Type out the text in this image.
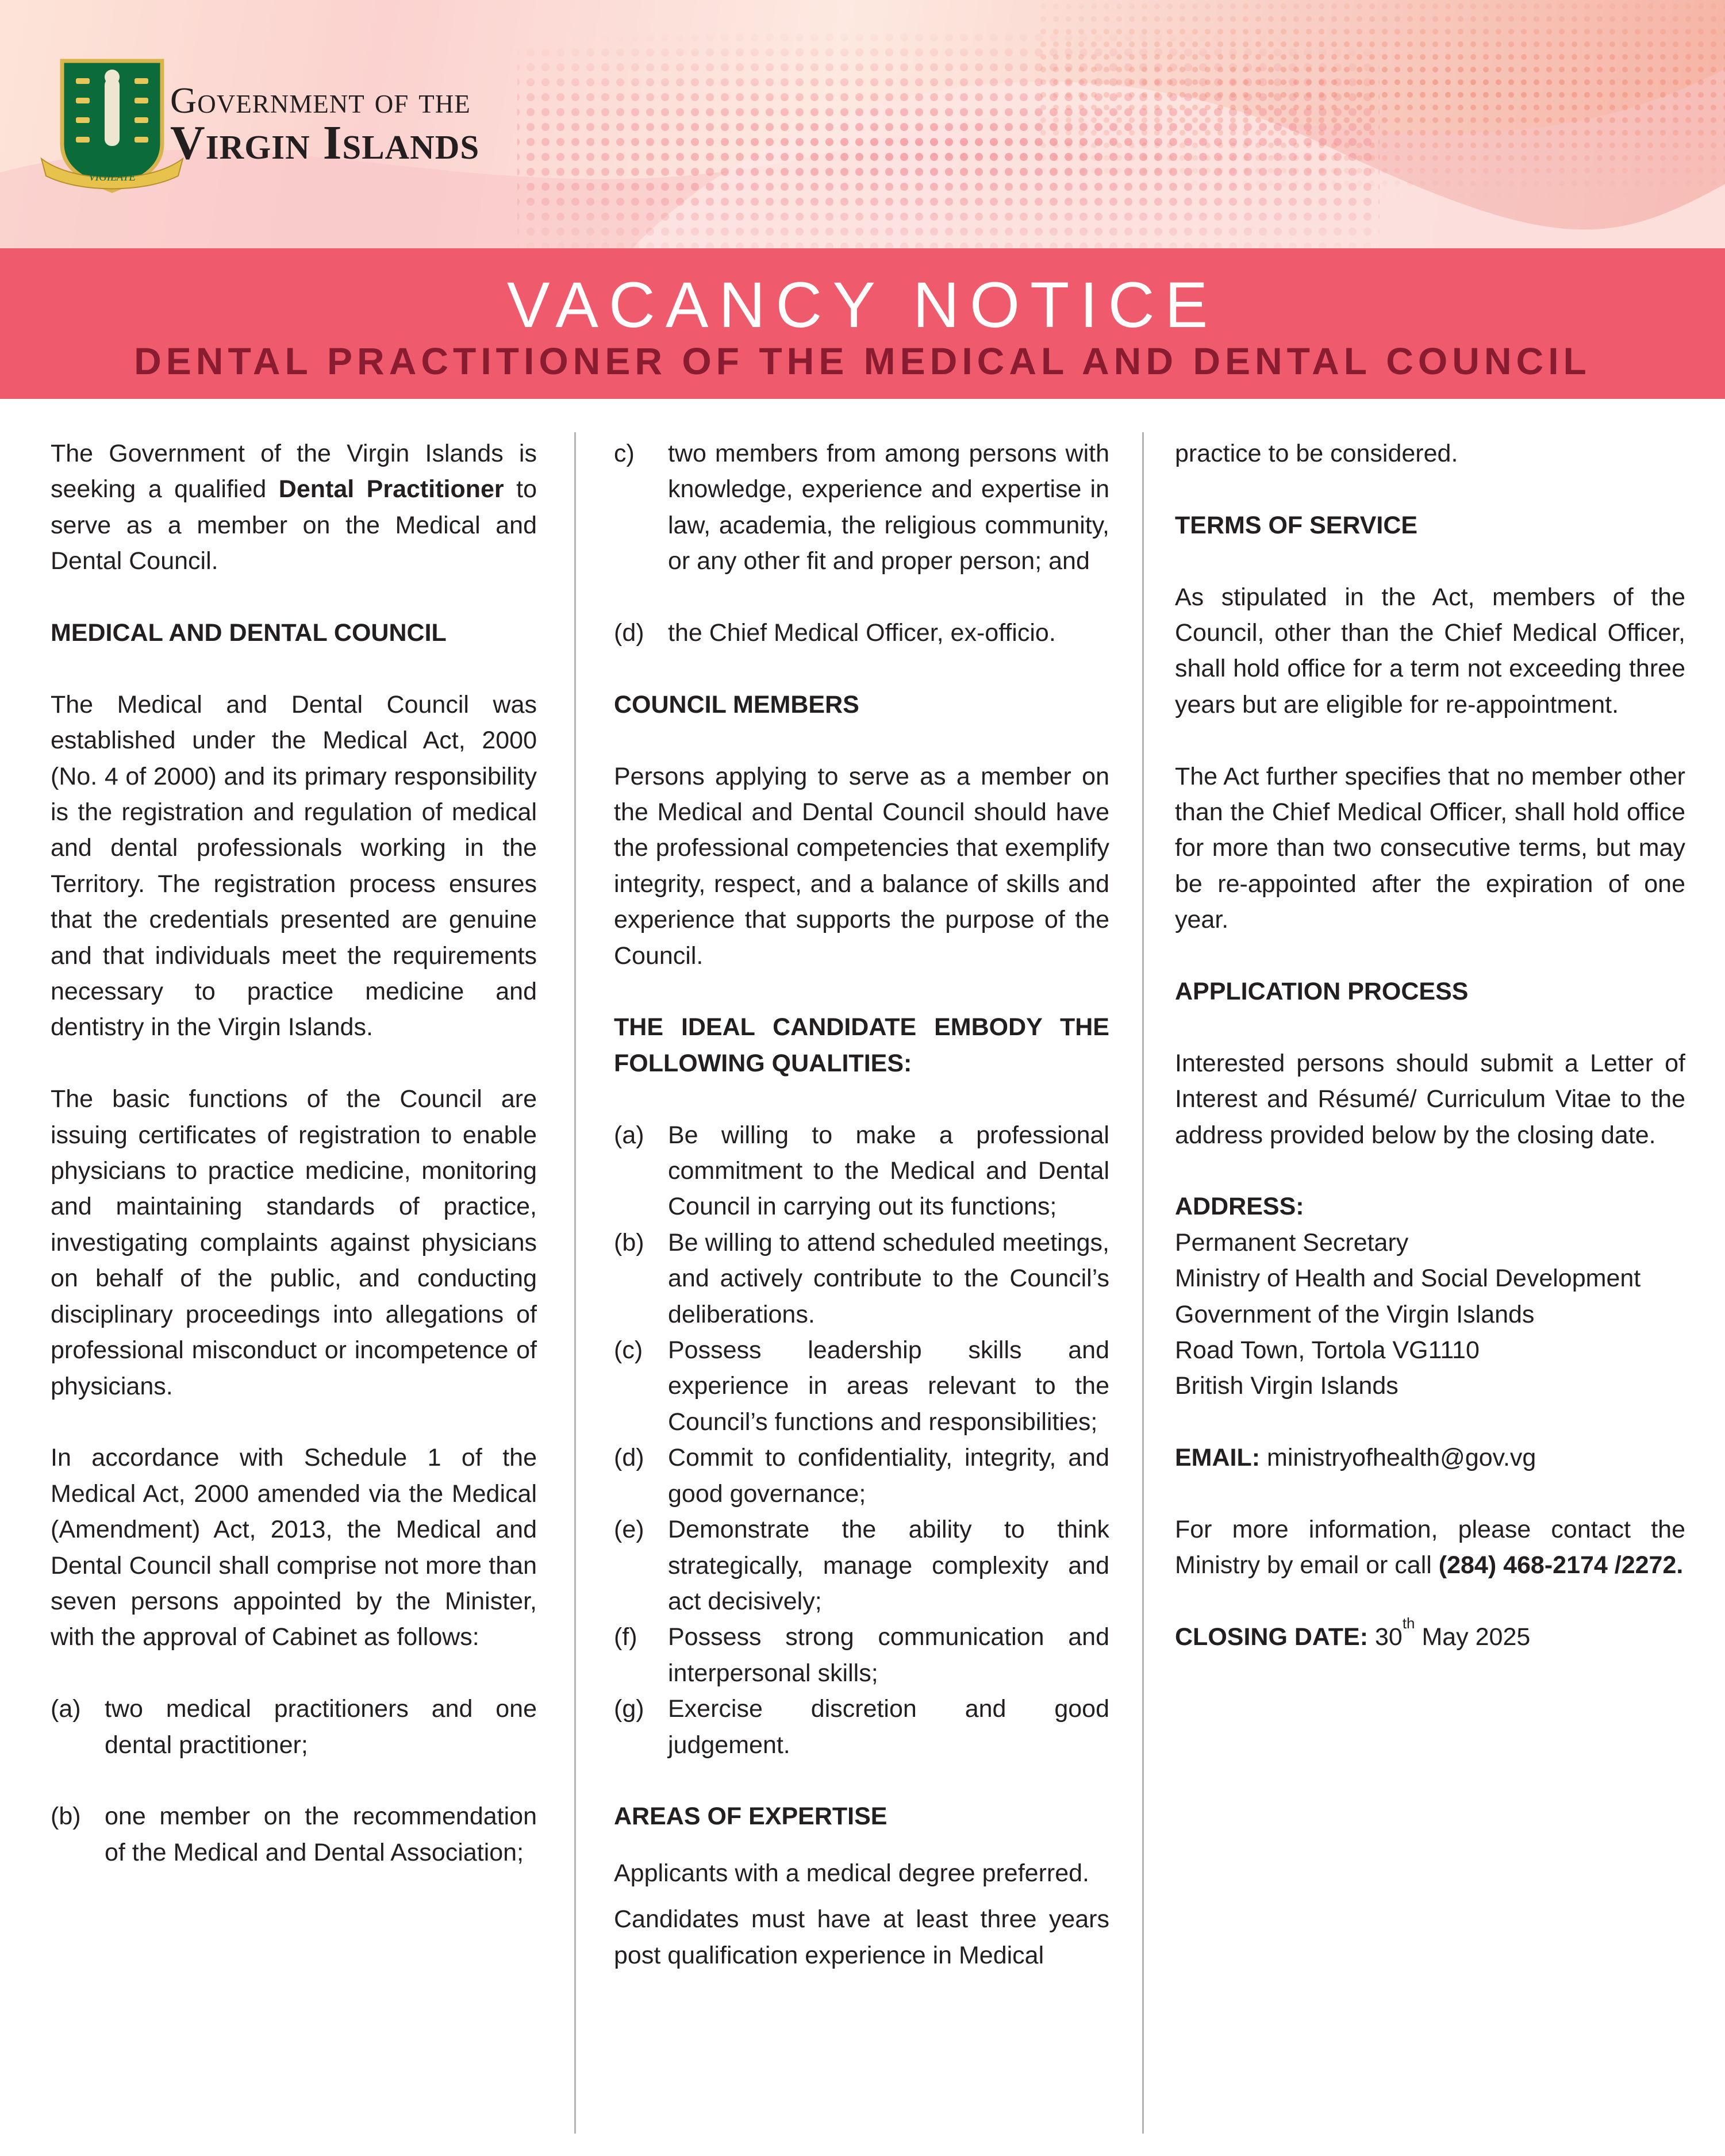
VIGILATE
Government of the
Virgin Islands
VACANCY NOTICE
DENTAL PRACTITIONER OF THE MEDICAL AND DENTAL COUNCIL

The Government of the Virgin Islands is seeking a qualified Dental Practitioner to serve as a member on the Medical and Dental Council.

MEDICAL AND DENTAL COUNCIL

The Medical and Dental Council was established under the Medical Act, 2000 (No. 4 of 2000) and its primary responsibility is the registration and regulation of medical and dental professionals working in the Territory. The registration process ensures that the credentials presented are genuine and that individuals meet the requirements necessary to practice medicine and dentistry in the Virgin Islands.

The basic functions of the Council are issuing certificates of registration to enable physicians to practice medicine, monitoring and maintaining standards of practice, investigating complaints against physicians on behalf of the public, and conducting disciplinary proceedings into allegations of professional misconduct or incompetence of physicians.

In accordance with Schedule 1 of the Medical Act, 2000 amended via the Medical (Amendment) Act, 2013, the Medical and Dental Council shall comprise not more than seven persons appointed by the Minister, with the approval of Cabinet as follows:

(a) two medical practitioners and one dental practitioner;
(b) one member on the recommendation of the Medical and Dental Association;
c) two members from among persons with knowledge, experience and expertise in law, academia, the religious community, or any other fit and proper person; and
(d) the Chief Medical Officer, ex-officio.

COUNCIL MEMBERS

Persons applying to serve as a member on the Medical and Dental Council should have the professional competencies that exemplify integrity, respect, and a balance of skills and experience that supports the purpose of the Council.

THE IDEAL CANDIDATE EMBODY THE FOLLOWING QUALITIES:

(a) Be willing to make a professional commitment to the Medical and Dental Council in carrying out its functions;
(b) Be willing to attend scheduled meetings, and actively contribute to the Council’s deliberations.
(c) Possess leadership skills and experience in areas relevant to the Council’s functions and responsibilities;
(d) Commit to confidentiality, integrity, and good governance;
(e) Demonstrate the ability to think strategically, manage complexity and act decisively;
(f) Possess strong communication and interpersonal skills;
(g) Exercise discretion and good judgement.

AREAS OF EXPERTISE

Applicants with a medical degree preferred.

Candidates must have at least three years post qualification experience in Medical

practice to be considered.

TERMS OF SERVICE

As stipulated in the Act, members of the Council, other than the Chief Medical Officer, shall hold office for a term not exceeding three years but are eligible for re-appointment.

The Act further specifies that no member other than the Chief Medical Officer, shall hold office for more than two consecutive terms, but may be re-appointed after the expiration of one year.

APPLICATION PROCESS

Interested persons should submit a Letter of Interest and Résumé/ Curriculum Vitae to the address provided below by the closing date.

ADDRESS:

Permanent Secretary

Ministry of Health and Social Development

Government of the Virgin Islands

Road Town, Tortola VG1110

British Virgin Islands

EMAIL: ministryofhealth@gov.vg

For more information, please contact the Ministry by email or call (284) 468-2174 /2272.

CLOSING DATE: 30th May 2025
